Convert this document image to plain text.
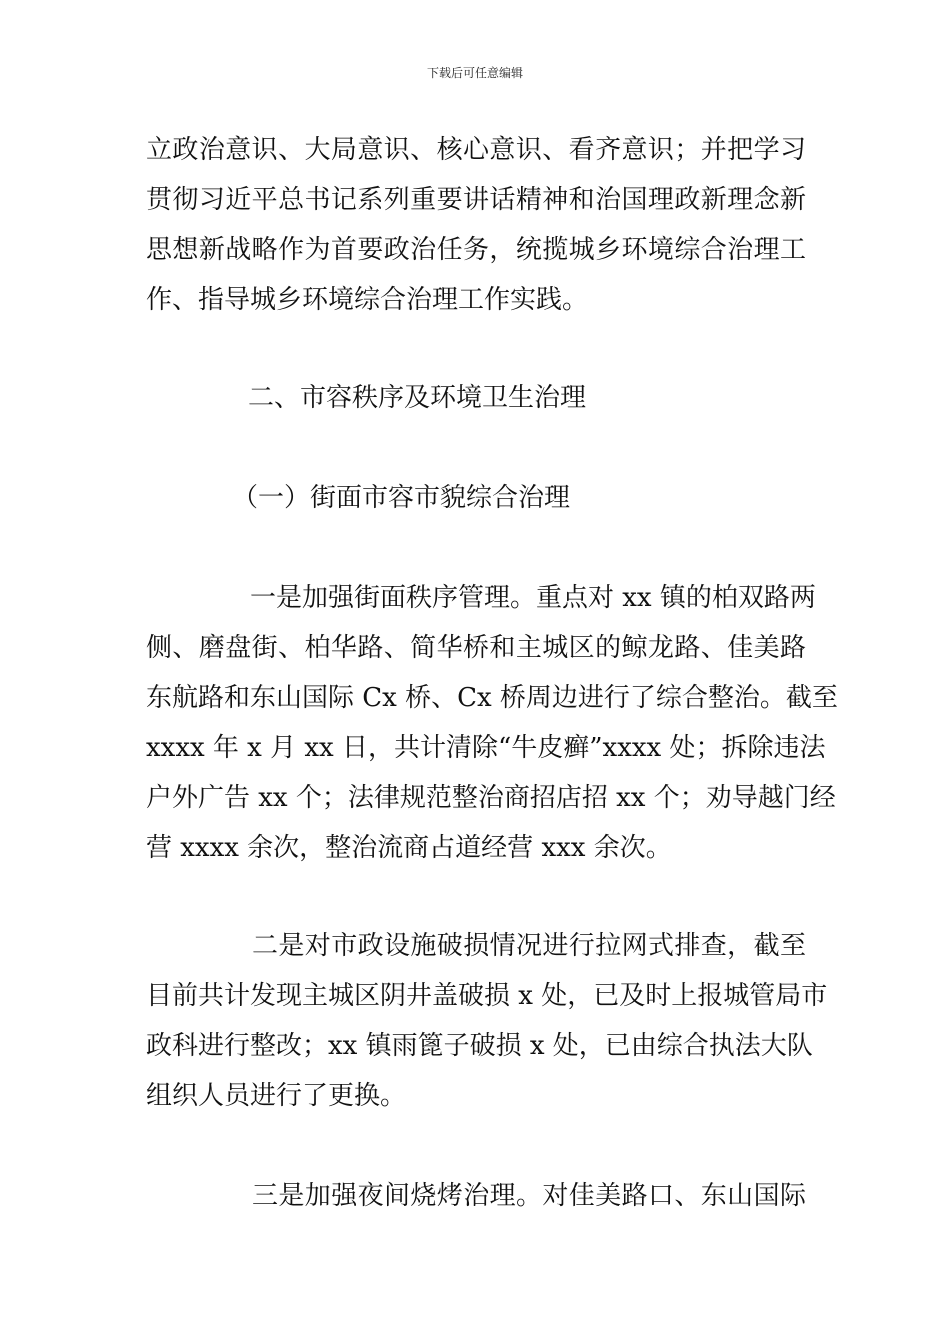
下载后可任意编辑
立政治意识、大局意识、核心意识、看齐意识；并把学习
贯彻习近平总书记系列重要讲话精神和治国理政新理念新
思想新战略作为首要政治任务，统揽城乡环境综合治理工
作、指导城乡环境综合治理工作实践。
二、市容秩序及环境卫生治理
（一）街面市容市貌综合治理
一是加强街面秩序管理。重点对 xx 镇的柏双路两
侧、磨盘街、柏华路、简华桥和主城区的鲸龙路、佳美路
东航路和东山国际 Cx 桥、Cx 桥周边进行了综合整治。截至
xxxx 年 x 月 xx 日，共计清除“牛皮癣”xxxx 处；拆除违法
户外广告 xx 个；法律规范整治商招店招 xx 个；劝导越门经
营 xxxx 余次，整治流商占道经营 xxx 余次。
二是对市政设施破损情况进行拉网式排查，截至
目前共计发现主城区阴井盖破损 x 处，已及时上报城管局市
政科进行整改；xx 镇雨篦子破损 x 处，已由综合执法大队
组织人员进行了更换。
三是加强夜间烧烤治理。对佳美路口、东山国际
